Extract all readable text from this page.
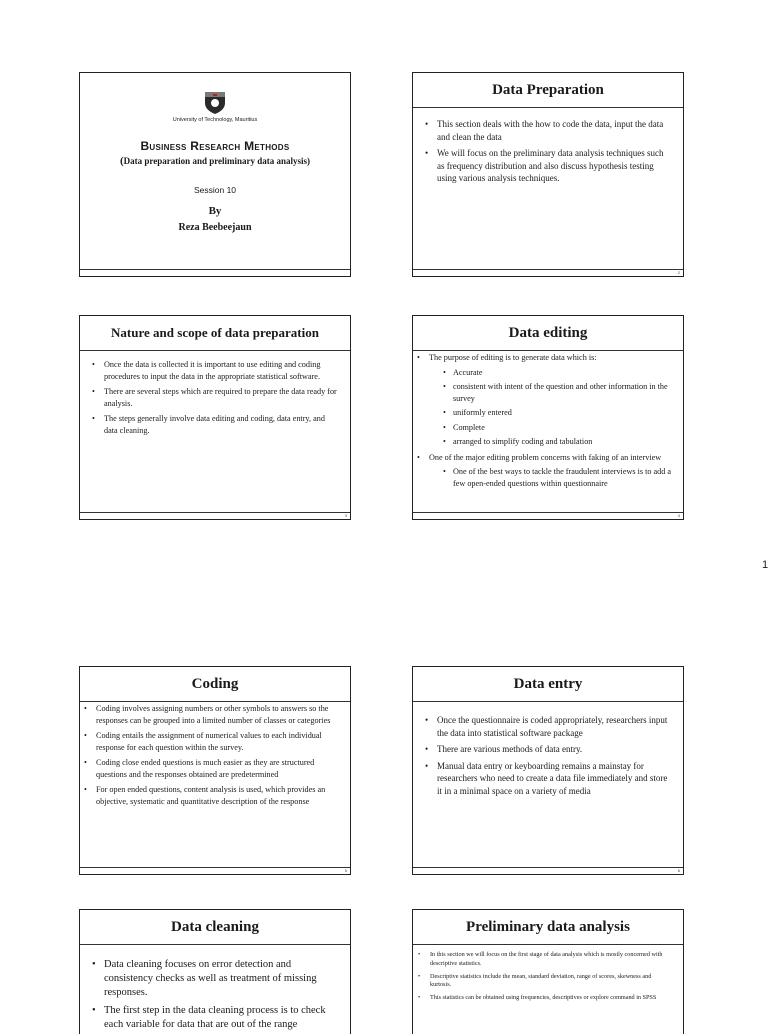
University of Technology, Mauritius
Business Research Methods
(Data preparation and preliminary data analysis)
Session 10
By
Reza Beebeejaun
Data Preparation
• This section deals with the how to code the data, input the data and clean the data
• We will focus on the preliminary data analysis techniques such as frequency distribution and also discuss hypothesis testing using various analysis techniques.
2
Nature and scope of data preparation
• Once the data is collected it is important to use editing and coding procedures to input the data in the appropriate statistical software.
• There are several steps which are required to prepare the data ready for analysis.
• The steps generally involve data editing and coding, data entry, and data cleaning.
3
Data editing
• The purpose of editing is to generate data which is:
• Accurate
• consistent with intent of the question and other information in the survey
• uniformly entered
• Complete
• arranged to simplify coding and tabulation
• One of the major editing problem concerns with faking of an interview
• One of the best ways to tackle the fraudulent interviews is to add a few open-ended questions within questionnaire
4
1
Coding
• Coding involves assigning numbers or other symbols to answers so the responses can be grouped into a limited number of classes or categories
• Coding entails the assignment of numerical values to each individual response for each question within the survey.
• Coding close ended questions is much easier as they are structured questions and the responses obtained are predetermined
• For open ended questions, content analysis is used, which provides an objective, systematic and quantitative description of the response
5
Data entry
• Once the questionnaire is coded appropriately, researchers input the data into statistical software package
• There are various methods of data entry.
• Manual data entry or keyboarding remains a mainstay for researchers who need to create a data file immediately and store it in a minimal space on a variety of media
6
Data cleaning
• Data cleaning focuses on error detection and consistency checks as well as treatment of missing responses.
• The first step in the data cleaning process is to check each variable for data that are out of the range
Preliminary data analysis
• In this section we will focus on the first stage of data analysis which is mostly concerned with descriptive statistics.
• Descriptive statistics include the mean, standard deviation, range of scores, skewness and kurtosis.
• This statistics can be obtained using frequencies, descriptives or explore command in SPSS
